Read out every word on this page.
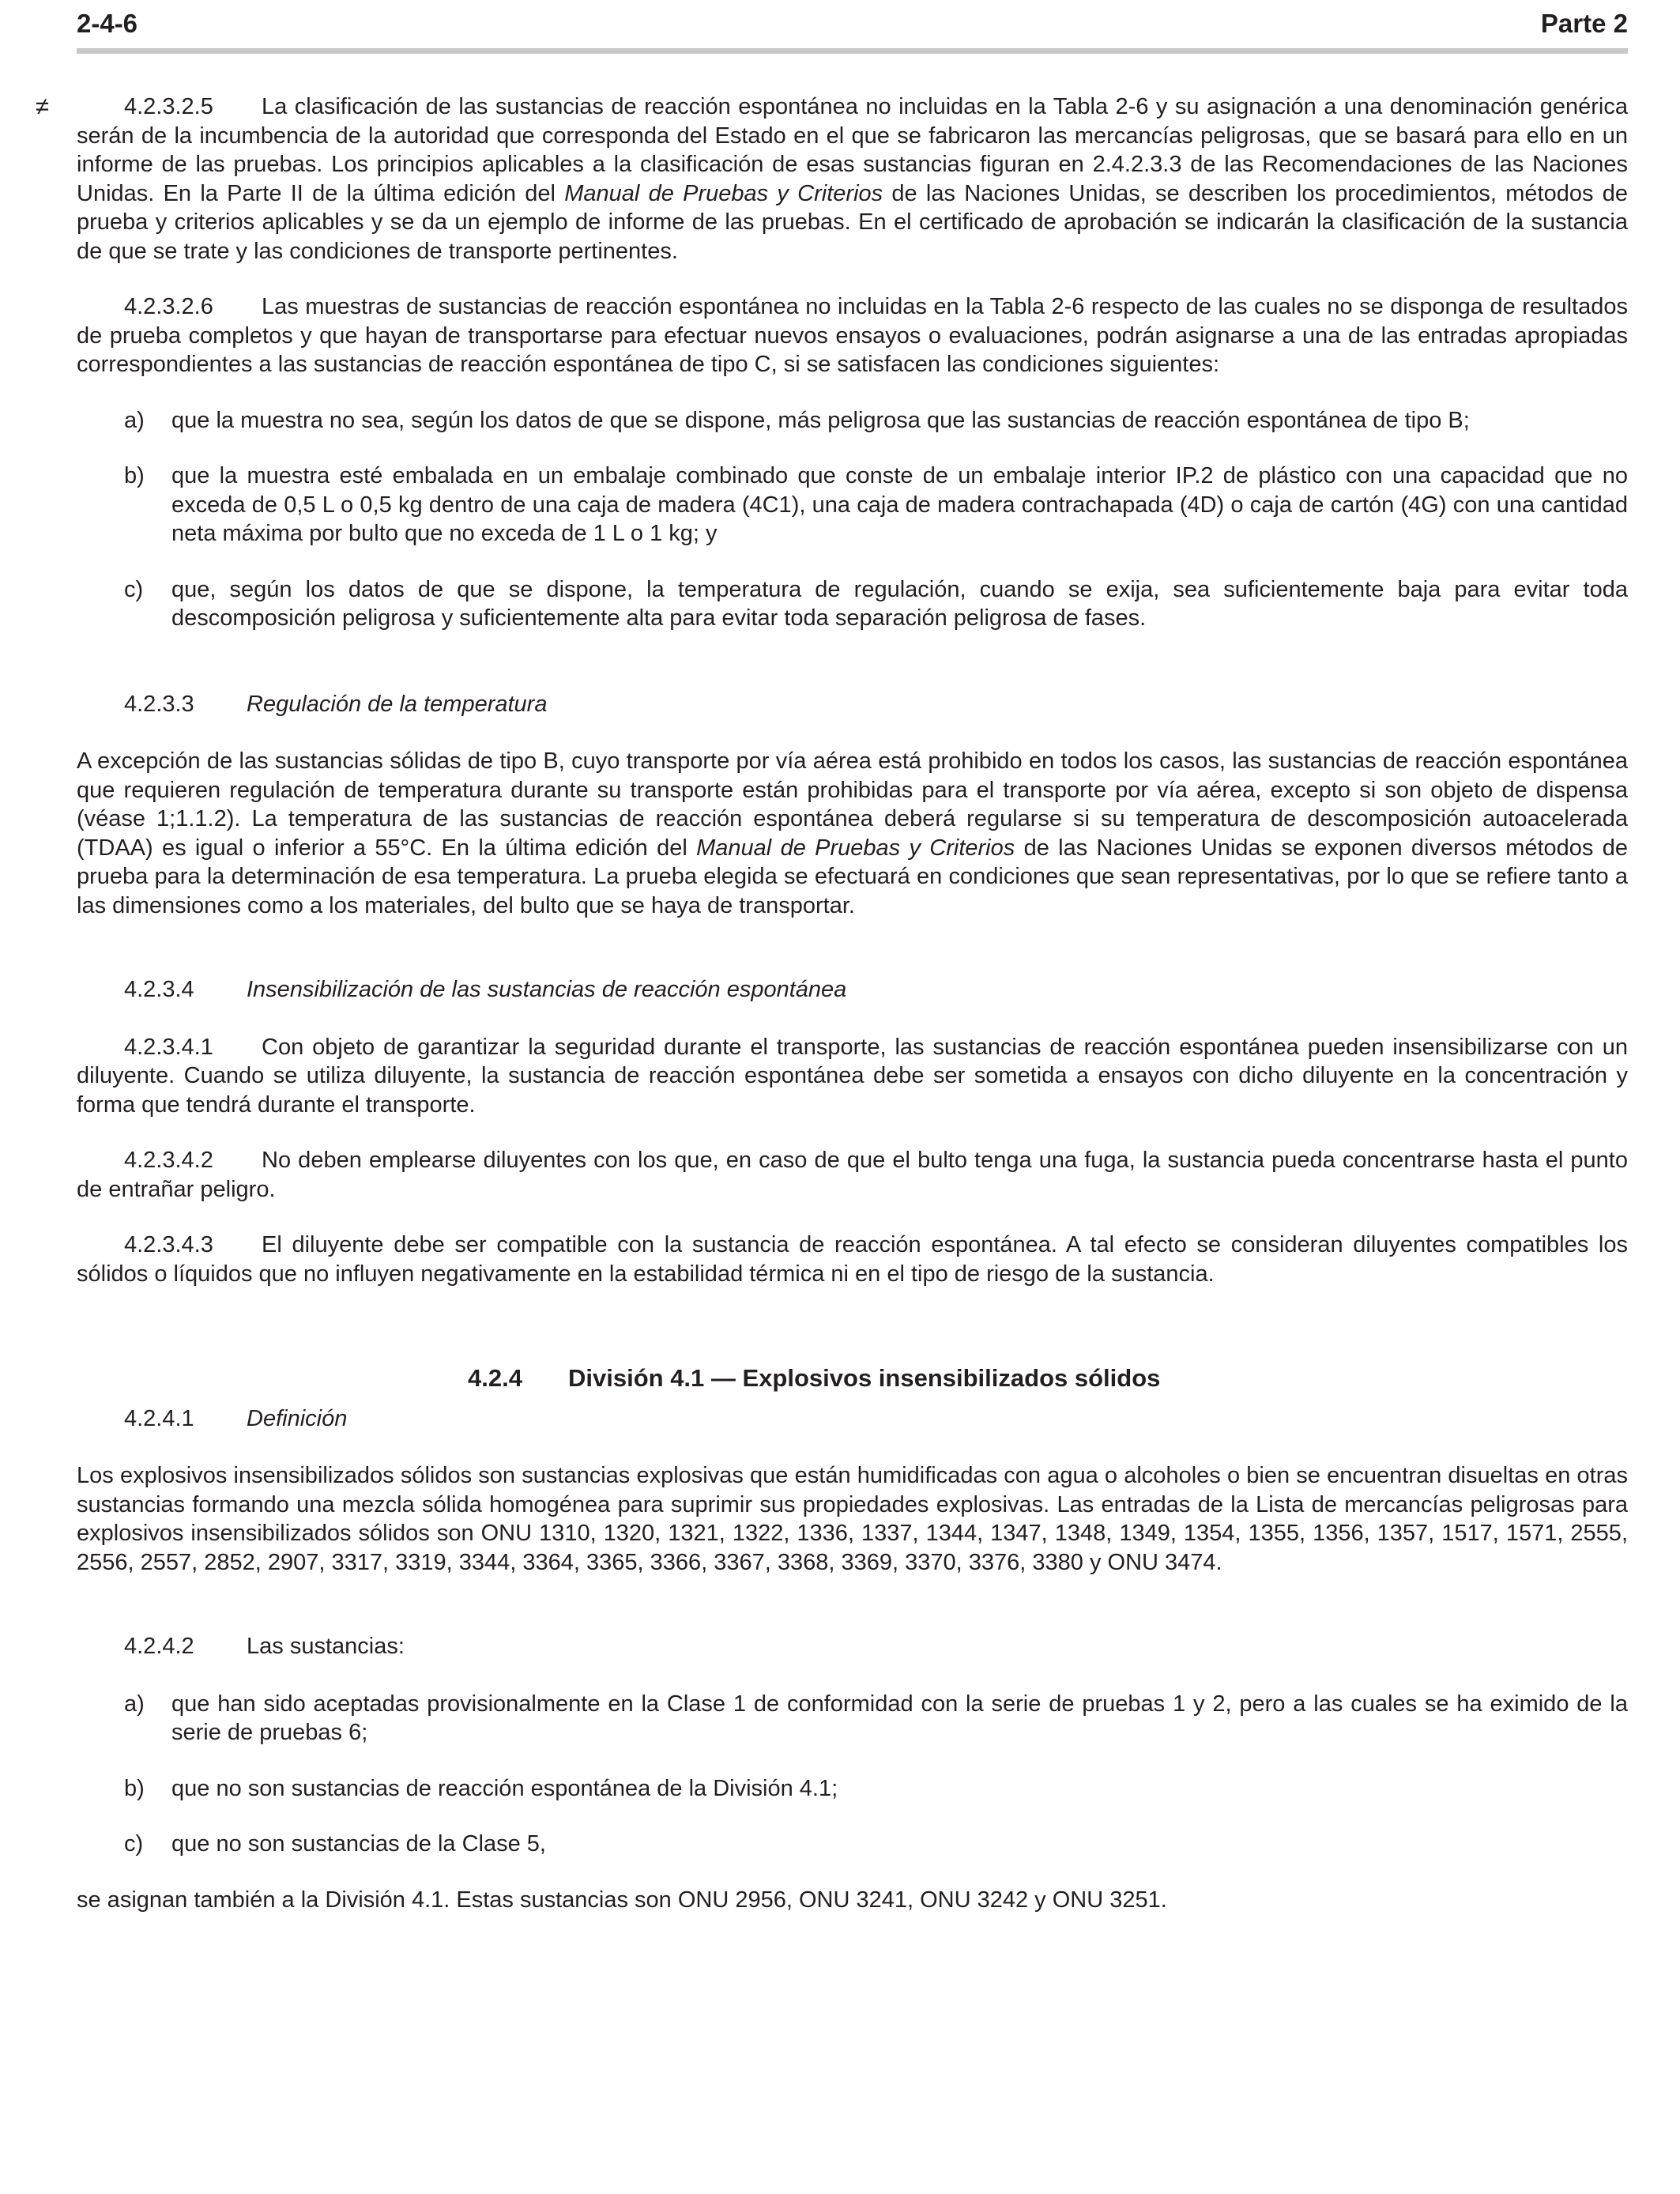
2-4-6	Parte 2

≠	4.2.3.2.5 La clasificación de las sustancias de reacción espontánea no incluidas en la Tabla 2-6 y su asignación a una denominación genérica serán de la incumbencia de la autoridad que corresponda del Estado en el que se fabricaron las mercancías peligrosas, que se basará para ello en un informe de las pruebas. Los principios aplicables a la clasificación de esas sustancias figuran en 2.4.2.3.3 de las Recomendaciones de las Naciones Unidas. En la Parte II de la última edición del Manual de Pruebas y Criterios de las Naciones Unidas, se describen los procedimientos, métodos de prueba y criterios aplicables y se da un ejemplo de informe de las pruebas. En el certificado de aprobación se indicarán la clasificación de la sustancia de que se trate y las condiciones de transporte pertinentes.

4.2.3.2.6 Las muestras de sustancias de reacción espontánea no incluidas en la Tabla 2-6 respecto de las cuales no se disponga de resultados de prueba completos y que hayan de transportarse para efectuar nuevos ensayos o evaluaciones, podrán asignarse a una de las entradas apropiadas correspondientes a las sustancias de reacción espontánea de tipo C, si se satisfacen las condiciones siguientes:

a)	que la muestra no sea, según los datos de que se dispone, más peligrosa que las sustancias de reacción espontánea de tipo B;
b)	que la muestra esté embalada en un embalaje combinado que conste de un embalaje interior IP.2 de plástico con una capacidad que no exceda de 0,5 L o 0,5 kg dentro de una caja de madera (4C1), una caja de madera contrachapada (4D) o caja de cartón (4G) con una cantidad neta máxima por bulto que no exceda de 1 L o 1 kg; y
c)	que, según los datos de que se dispone, la temperatura de regulación, cuando se exija, sea suficientemente baja para evitar toda descomposición peligrosa y suficientemente alta para evitar toda separación peligrosa de fases.
4.2.3.3 Regulación de la temperatura

A excepción de las sustancias sólidas de tipo B, cuyo transporte por vía aérea está prohibido en todos los casos, las sustancias de reacción espontánea que requieren regulación de temperatura durante su transporte están prohibidas para el transporte por vía aérea, excepto si son objeto de dispensa (véase 1;1.1.2). La temperatura de las sustancias de reacción espontánea deberá regularse si su temperatura de descomposición autoacelerada (TDAA) es igual o inferior a 55°C. En la última edición del Manual de Pruebas y Criterios de las Naciones Unidas se exponen diversos métodos de prueba para la determinación de esa temperatura. La prueba elegida se efectuará en condiciones que sean representativas, por lo que se refiere tanto a las dimensiones como a los materiales, del bulto que se haya de transportar.

4.2.3.4 Insensibilización de las sustancias de reacción espontánea

4.2.3.4.1 Con objeto de garantizar la seguridad durante el transporte, las sustancias de reacción espontánea pueden insensibilizarse con un diluyente. Cuando se utiliza diluyente, la sustancia de reacción espontánea debe ser sometida a ensayos con dicho diluyente en la concentración y forma que tendrá durante el transporte.

4.2.3.4.2 No deben emplearse diluyentes con los que, en caso de que el bulto tenga una fuga, la sustancia pueda concentrarse hasta el punto de entrañar peligro.

4.2.3.4.3 El diluyente debe ser compatible con la sustancia de reacción espontánea. A tal efecto se consideran diluyentes compatibles los sólidos o líquidos que no influyen negativamente en la estabilidad térmica ni en el tipo de riesgo de la sustancia.

4.2.4 División 4.1 — Explosivos insensibilizados sólidos
4.2.4.1 Definición

Los explosivos insensibilizados sólidos son sustancias explosivas que están humidificadas con agua o alcoholes o bien se encuentran disueltas en otras sustancias formando una mezcla sólida homogénea para suprimir sus propiedades explosivas. Las entradas de la Lista de mercancías peligrosas para explosivos insensibilizados sólidos son ONU 1310, 1320, 1321, 1322, 1336, 1337, 1344, 1347, 1348, 1349, 1354, 1355, 1356, 1357, 1517, 1571, 2555, 2556, 2557, 2852, 2907, 3317, 3319, 3344, 3364, 3365, 3366, 3367, 3368, 3369, 3370, 3376, 3380 y ONU 3474.

4.2.4.2 Las sustancias:
a)	que han sido aceptadas provisionalmente en la Clase 1 de conformidad con la serie de pruebas 1 y 2, pero a las cuales se ha eximido de la serie de pruebas 6;
b)	que no son sustancias de reacción espontánea de la División 4.1;
c)	que no son sustancias de la Clase 5,

se asignan también a la División 4.1. Estas sustancias son ONU 2956, ONU 3241, ONU 3242 y ONU 3251.
